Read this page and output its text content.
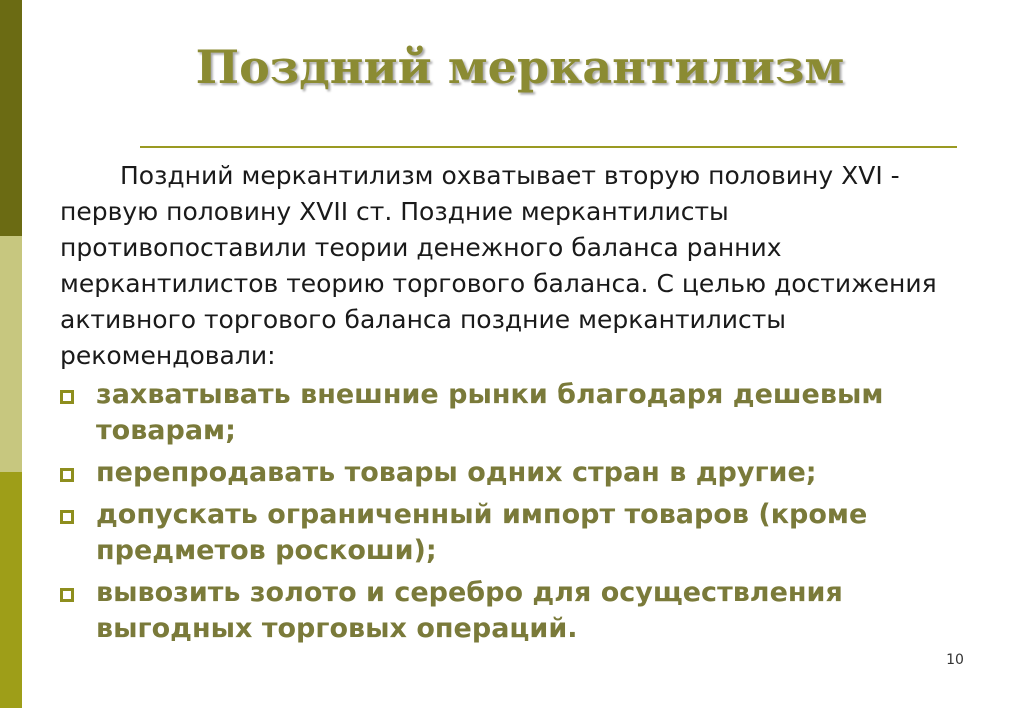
Поздний меркантилизм

Поздний меркантилизм охватывает вторую половину XVI - первую половину XVII ст. Поздние меркантилисты противопоставили теории денежного баланса ранних меркантилистов теорию торгового баланса. С целью достижения активного торгового баланса поздние меркантилисты рекомендовали:

захватывать внешние рынки благодаря дешевым товарам;
перепродавать товары одних стран в другие;
допускать ограниченный импорт товаров (кроме предметов роскоши);
вывозить золото и серебро для осуществления выгодных торговых операций.
10
